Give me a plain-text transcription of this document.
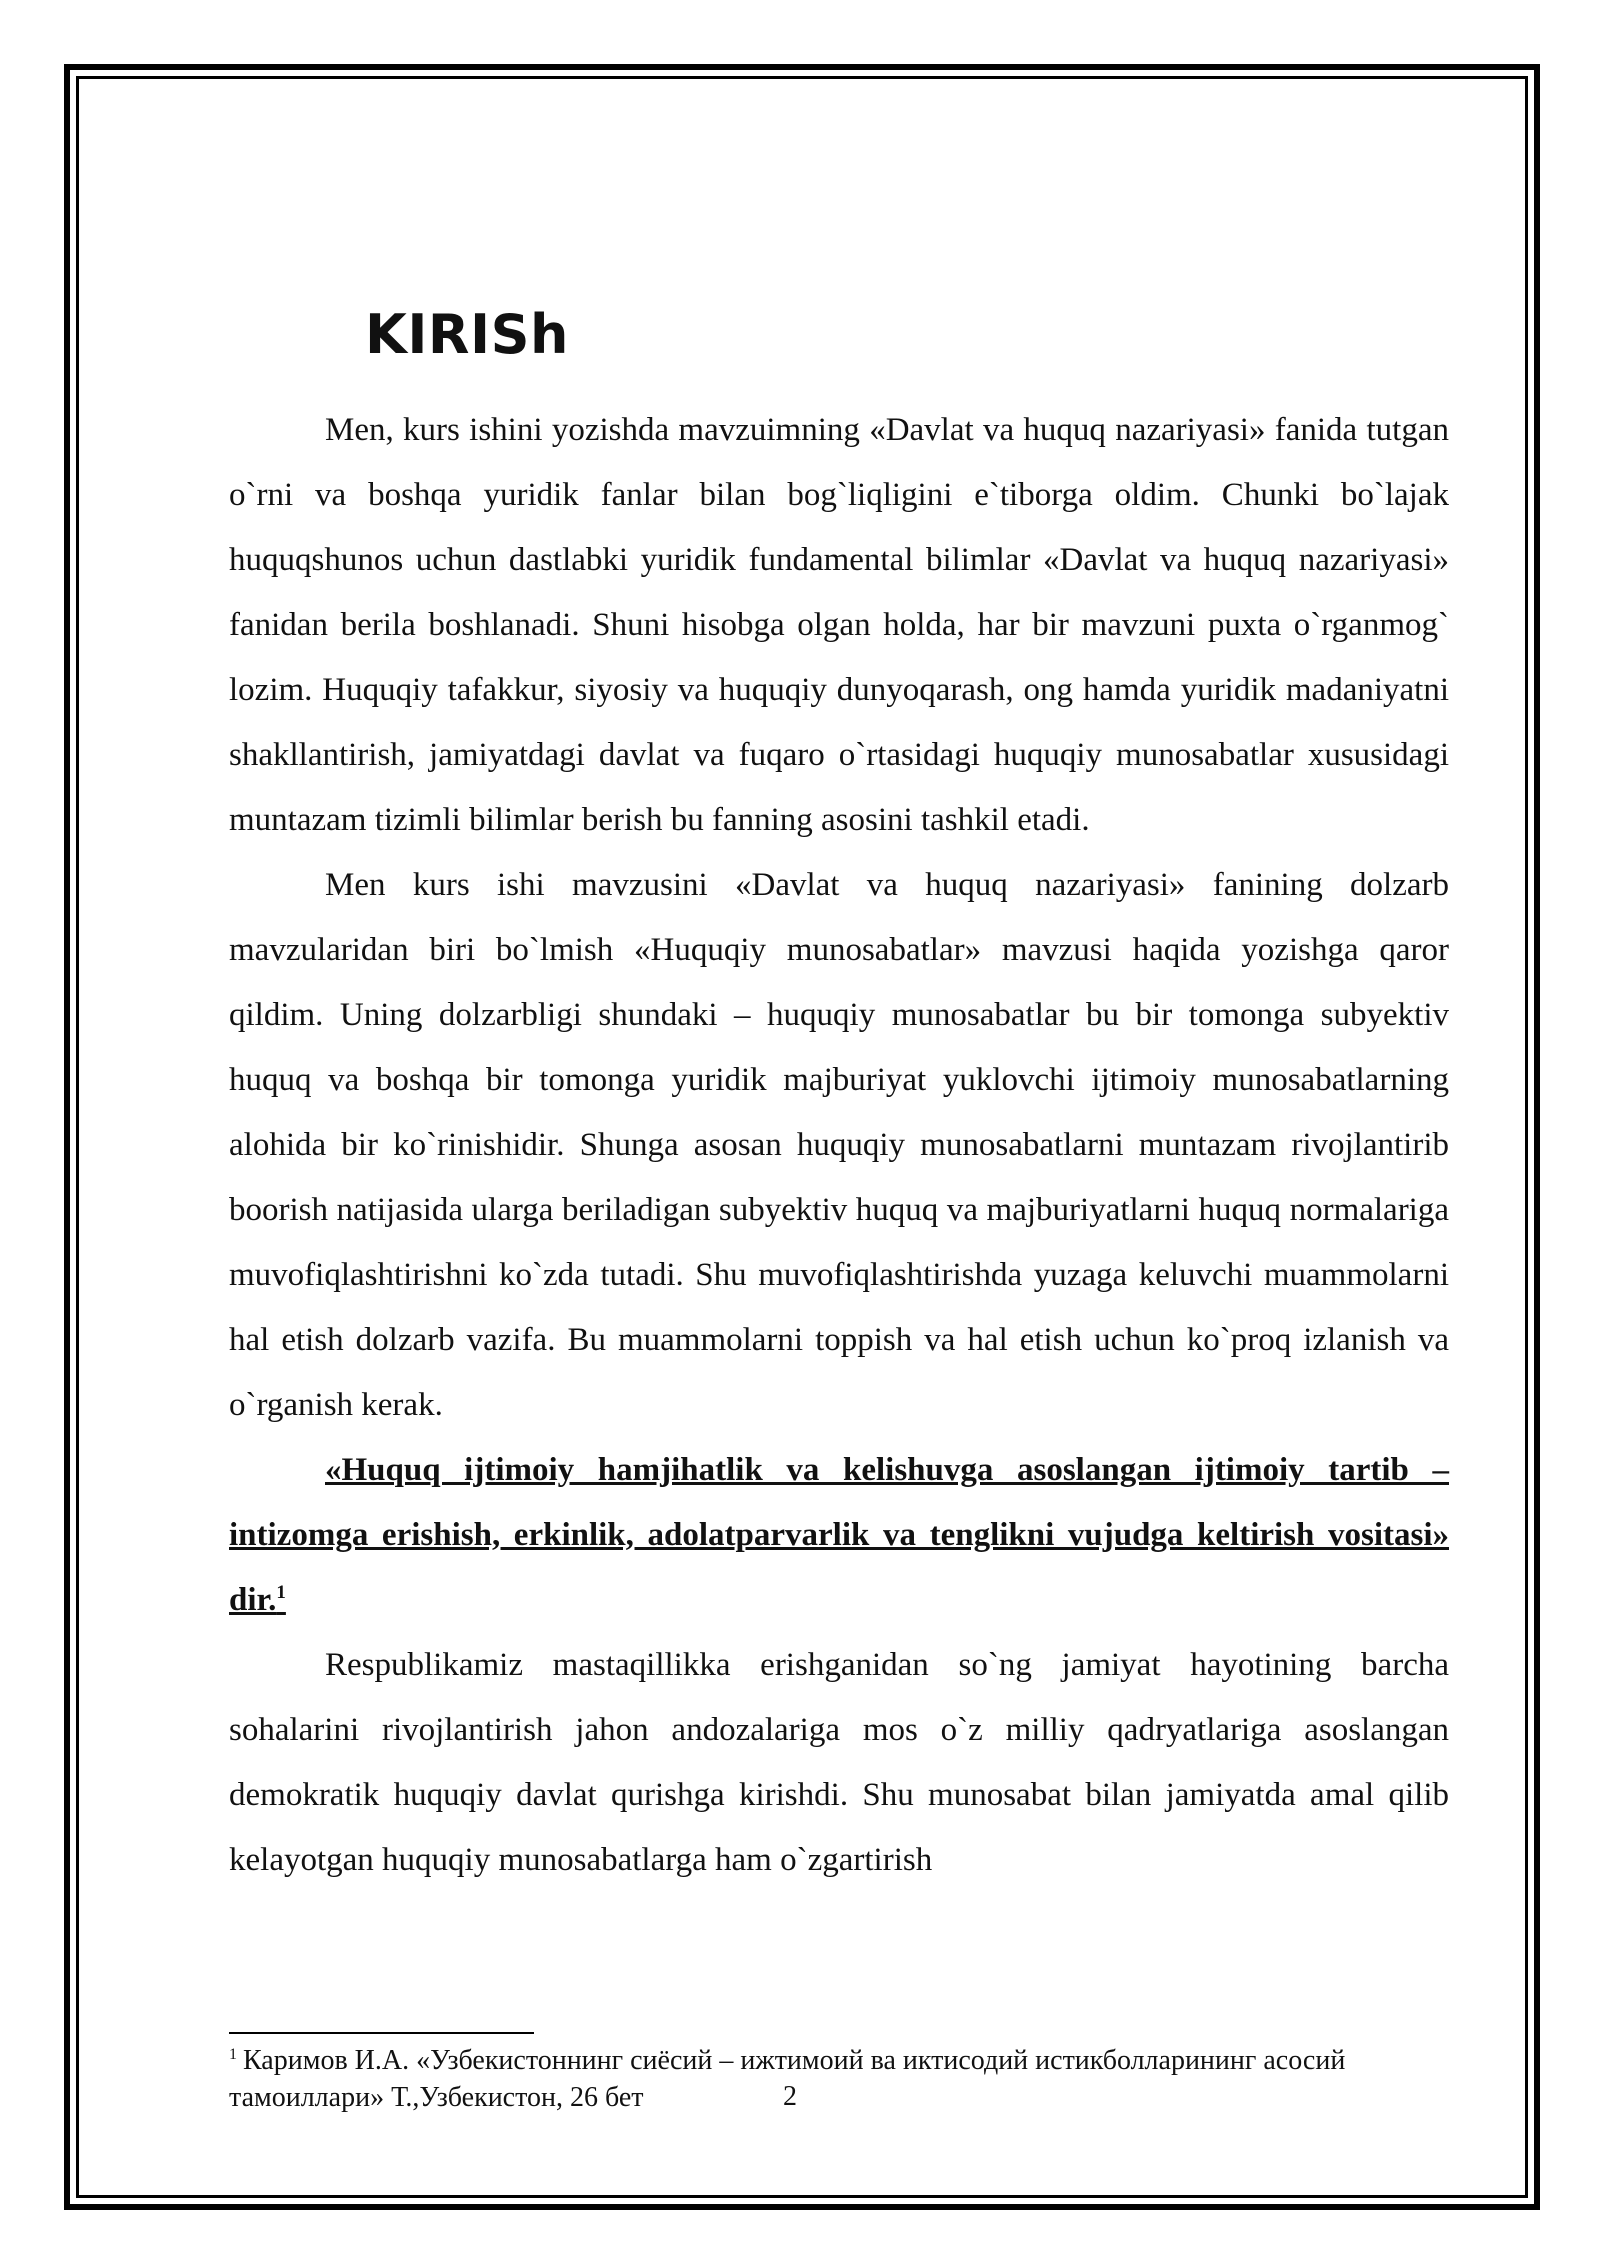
KIRISh

Men, kurs ishini yozishda mavzuimning «Davlat va huquq nazariyasi» fanida tutgan o`rni va boshqa yuridik fanlar bilan bog`liqligini e`tiborga oldim. Chunki bo`lajak huquqshunos uchun dastlabki yuridik fundamental bilimlar «Davlat va huquq nazariyasi» fanidan berila boshlanadi. Shuni hisobga olgan holda, har bir mavzuni puxta o`rganmog` lozim. Huquqiy tafakkur, siyosiy va huquqiy dunyoqarash, ong hamda yuridik madaniyatni shakllantirish, jamiyatdagi davlat va fuqaro o`rtasidagi huquqiy munosabatlar xususidagi muntazam tizimli bilimlar berish bu fanning asosini tashkil etadi.

Men kurs ishi mavzusini «Davlat va huquq nazariyasi» fanining dolzarb mavzularidan biri bo`lmish «Huquqiy munosabatlar» mavzusi haqida yozishga qaror qildim. Uning dolzarbligi shundaki – huquqiy munosabatlar bu bir tomonga subyektiv huquq va boshqa bir tomonga yuridik majburiyat yuklovchi ijtimoiy munosabatlarning alohida bir ko`rinishidir. Shunga asosan huquqiy munosabatlarni muntazam rivojlantirib boorish natijasida ularga beriladigan subyektiv huquq va majburiyatlarni huquq normalariga muvofiqlashtirishni ko`zda tutadi. Shu muvofiqlashtirishda yuzaga keluvchi muammolarni hal etish dolzarb vazifa. Bu muammolarni toppish va hal etish uchun ko`proq izlanish va o`rganish kerak.

«Huquq ijtimoiy hamjihatlik va kelishuvga asoslangan ijtimoiy tartib – intizomga erishish, erkinlik, adolatparvarlik va tenglikni vujudga keltirish vositasi» dir.$^1$

Respublikamiz mastaqillikka erishganidan so`ng jamiyat hayotining barcha sohalarini rivojlantirish jahon andozalariga mos o`z milliy qadryatlariga asoslangan demokratik huquqiy davlat qurishga kirishdi. Shu munosabat bilan jamiyatda amal qilib kelayotgan huquqiy munosabatlarga ham o`zgartirish

$^1$ Каримов И.А. «Узбекистоннинг сиёсий – ижтимоий ва иктисодий истикболларининг асосий тамоиллари» Т.,Узбекистон, 26 бет	2
